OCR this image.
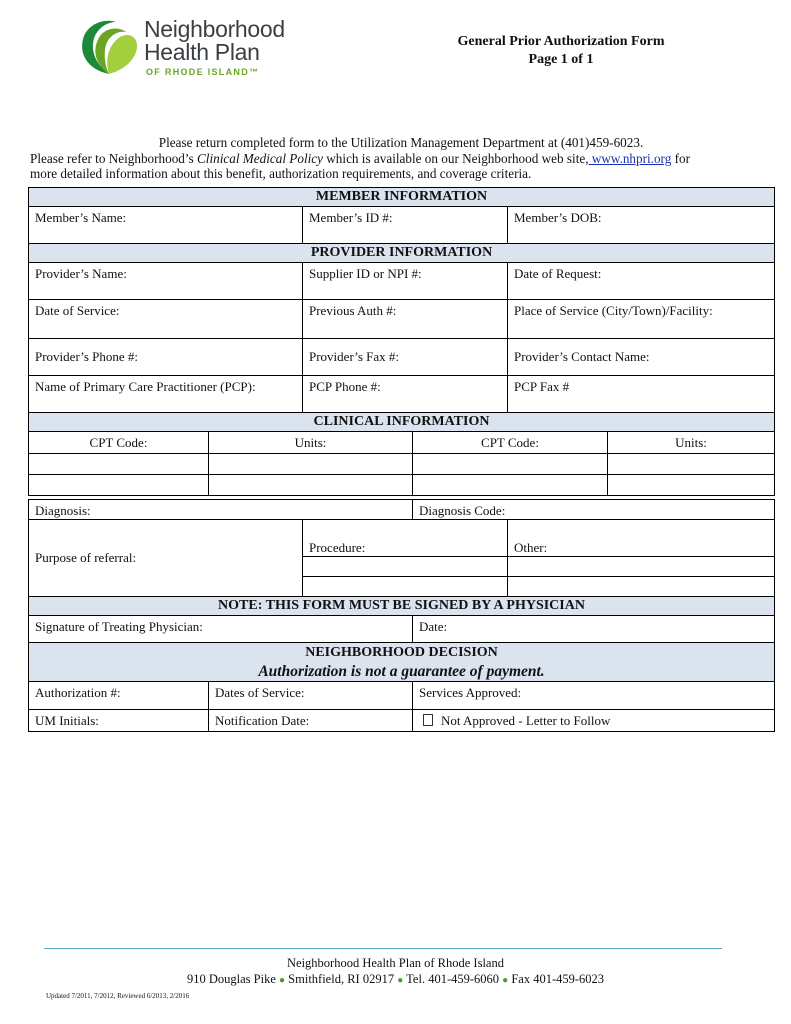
Neighborhood
Health Plan
OF RHODE ISLAND™
General Prior Authorization Form
Page 1 of 1
Please return completed form to the Utilization Management Department at (401)459-6023.
Please refer to Neighborhood’s Clinical Medical Policy which is available on our Neighborhood web site, www.nhpri.org for
more detailed information about this benefit, authorization requirements, and coverage criteria.
MEMBER INFORMATION					
Member’s Name:		Member’s ID #:		Member’s DOB:	
PROVIDER INFORMATION					
Provider’s Name:		Supplier ID or NPI #:		Date of Request:	
Date of Service:		Previous Auth #:		Place of Service (City/Town)/Facility:	
Provider’s Phone #:		Provider’s Fax #:		Provider’s Contact Name:	
Name of Primary Care Practitioner (PCP):		PCP Phone #:		PCP Fax #	
CLINICAL INFORMATION					
CPT Code:	Units:		CPT Code:		Units:

Diagnosis:			Diagnosis Code:		
Purpose of referral:		Procedure:		Other:	

NOTE: THIS FORM MUST BE SIGNED BY A PHYSICIAN					
Signature of Treating Physician:			Date:		

NEIGHBORHOOD DECISION
Authorization is not a guarantee of payment.					

Authorization #:	Dates of Service:		Services Approved:		
UM Initials:	Notification Date:		Not Approved - Letter to Follow		
Neighborhood Health Plan of Rhode Island
910 Douglas Pike ● Smithfield, RI 02917 ● Tel. 401-459-6060 ● Fax 401-459-6023
Updated 7/2011, 7/2012, Reviewed 6/2013, 2/2016
